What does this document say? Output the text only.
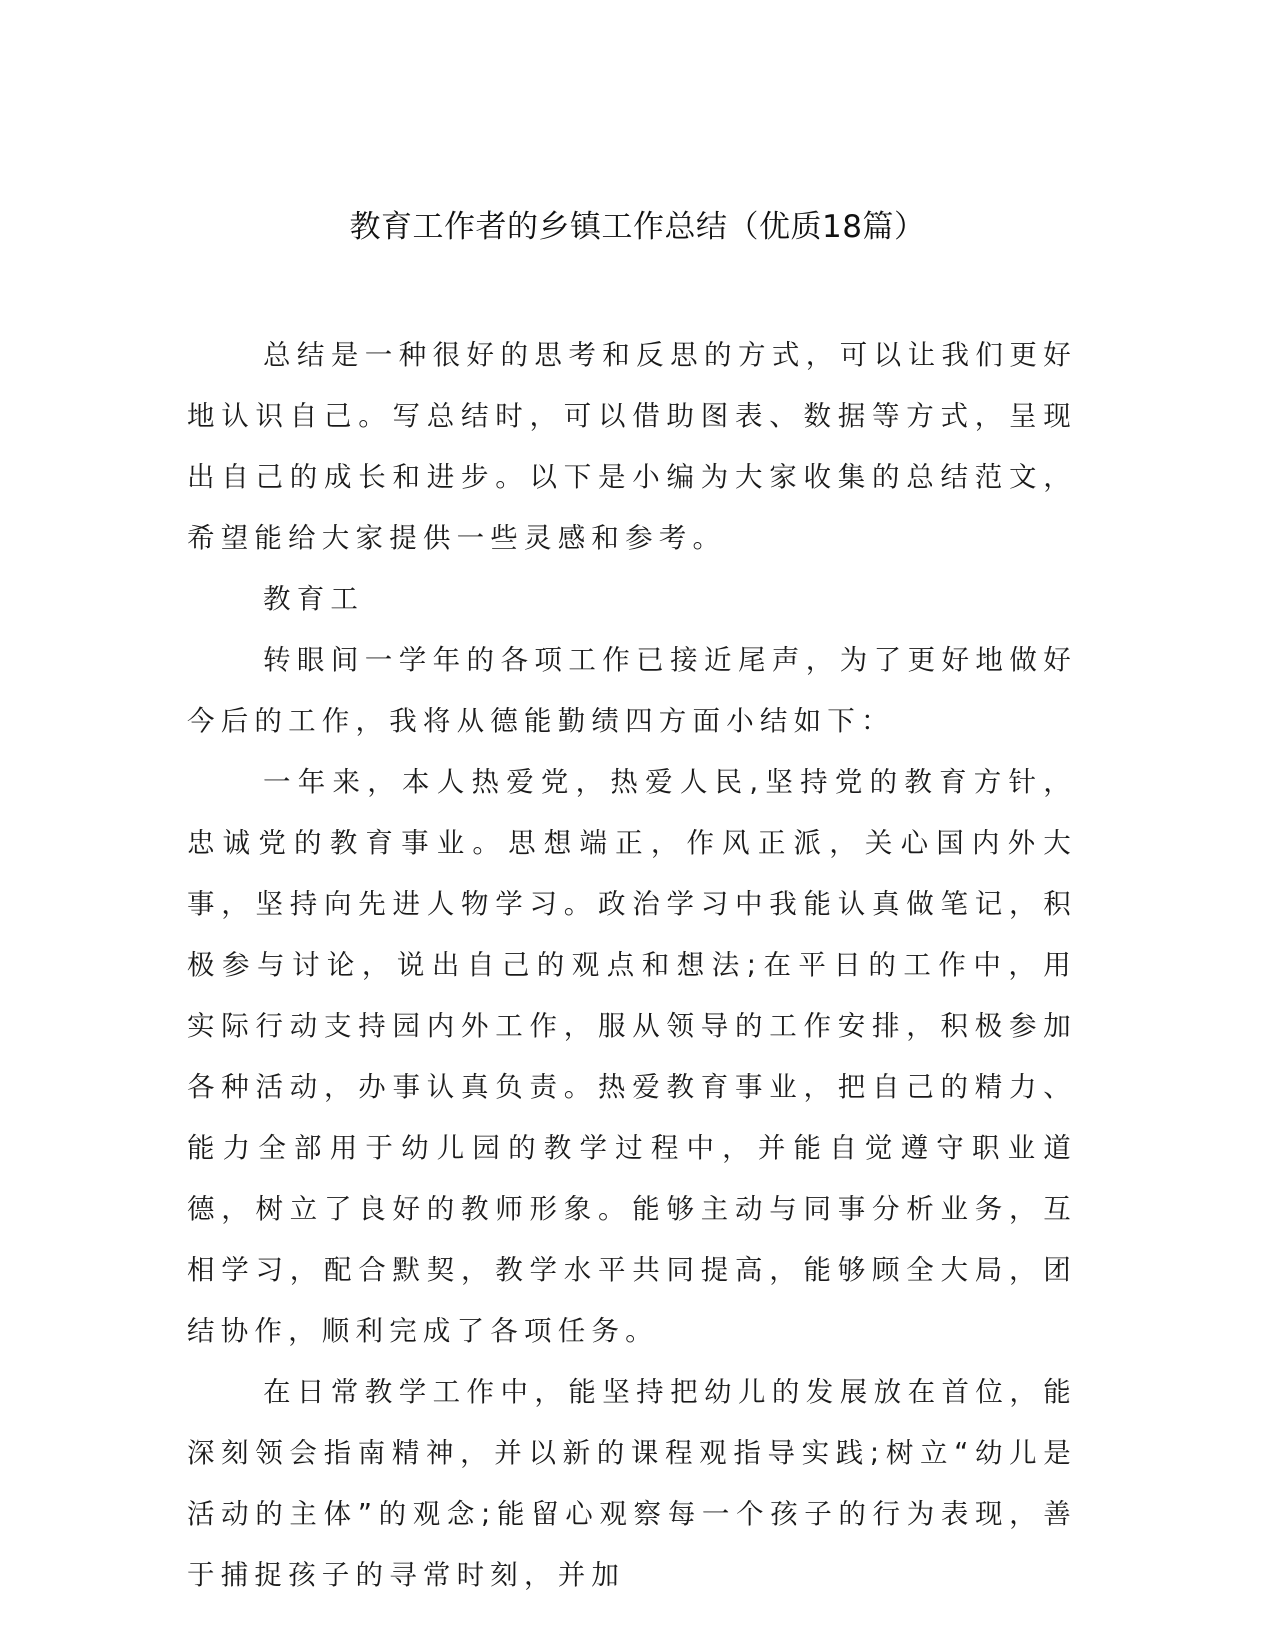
教育工作者的乡镇工作总结（优质18篇）

总结是一种很好的思考和反思的方式，可以让我们更好地认识自己。写总结时，可以借助图表、数据等方式，呈现出自己的成长和进步。以下是小编为大家收集的总结范文，希望能给大家提供一些灵感和参考。

教育工

转眼间一学年的各项工作已接近尾声，为了更好地做好今后的工作，我将从德能勤绩四方面小结如下：

一年来，本人热爱党，热爱人民,坚持党的教育方针，忠诚党的教育事业。思想端正，作风正派，关心国内外大事，坚持向先进人物学习。政治学习中我能认真做笔记，积极参与讨论，说出自己的观点和想法;在平日的工作中，用实际行动支持园内外工作，服从领导的工作安排，积极参加各种活动，办事认真负责。热爱教育事业，把自己的精力、能力全部用于幼儿园的教学过程中，并能自觉遵守职业道德，树立了良好的教师形象。能够主动与同事分析业务，互相学习，配合默契，教学水平共同提高，能够顾全大局，团结协作，顺利完成了各项任务。

在日常教学工作中，能坚持把幼儿的发展放在首位，能深刻领会指南精神，并以新的课程观指导实践;树立“幼儿是活动的主体”的观念;能留心观察每一个孩子的行为表现，善于捕捉孩子的寻常时刻，并加
